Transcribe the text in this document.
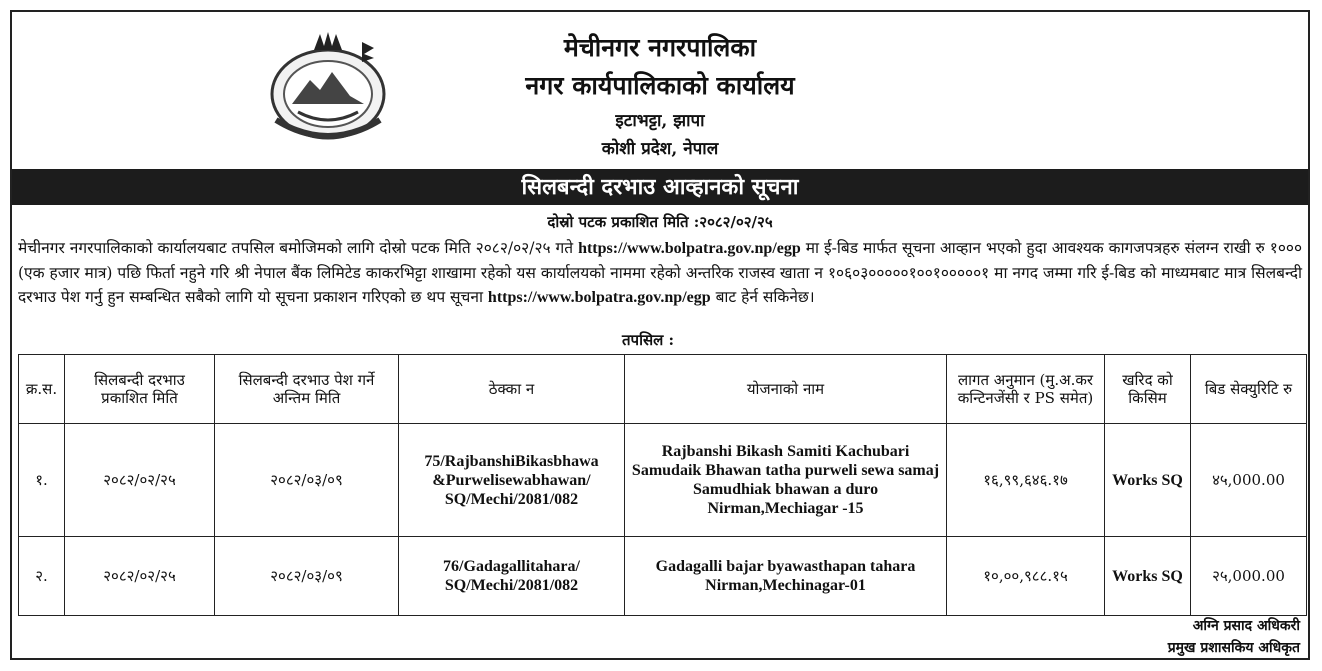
मेचीनगर नगरपालिका
नगर कार्यपालिकाको कार्यालय
इटाभट्टा, झापा
कोशी प्रदेश, नेपाल
सिलबन्दी दरभाउ आव्हानको सूचना
दोस्रो पटक प्रकाशित मिति :२०८२/०२/२५
मेचीनगर नगरपालिकाको कार्यालयबाट तपसिल बमोजिमको लागि दोस्रो पटक मिति २०८२/०२/२५ गते https://www.bolpatra.gov.np/egp मा ई-बिड मार्फत सूचना आव्हान भएको हुदा आवश्यक कागजपत्रहरु संलग्न राखी रु १००० (एक हजार मात्र) पछि फिर्ता नहुने गरि श्री नेपाल बैंक लिमिटेड काकरभिट्टा शाखामा रहेको यस कार्यालयको नाममा रहेको अन्तरिक राजस्व खाता न १०६०३०००००१००१०००००१ मा नगद जम्मा गरि ई-बिड को माध्यमबाट मात्र सिलबन्दी दरभाउ पेश गर्नु हुन सम्बन्धित सबैको लागि यो सूचना प्रकाशन गरिएको छ थप सूचना https://www.bolpatra.gov.np/egp बाट हेर्न सकिनेछ।
तपसिल :
क्र.स.	सिलबन्दी दरभाउ प्रकाशित मिति	सिलबन्दी दरभाउ पेश गर्ने अन्तिम मिति	ठेक्का न	योजनाको नाम	लागत अनुमान (मु.अ.कर कन्टिनजेंसी र PS समेत)	खरिद को किसिम	बिड सेक्युरिटि रु
१.	२०८२/०२/२५	२०८२/०३/०९	75/RajbanshiBikasbhawa &Purwelisewabhawan/ SQ/Mechi/2081/082	Rajbanshi Bikash Samiti Kachubari Samudaik Bhawan tatha purweli sewa samaj Samudhiak bhawan a duro Nirman,Mechiagar -15	१६,९९,६४६.१७	Works SQ	४५,000.00
२.	२०८२/०२/२५	२०८२/०३/०९	76/Gadagallitahara/ SQ/Mechi/2081/082	Gadagalli bajar byawasthapan tahara Nirman,Mechinagar-01	१०,००,९८८.१५	Works SQ	२५,000.00
अग्नि प्रसाद अधिकरी
प्रमुख प्रशासकिय अधिकृत
